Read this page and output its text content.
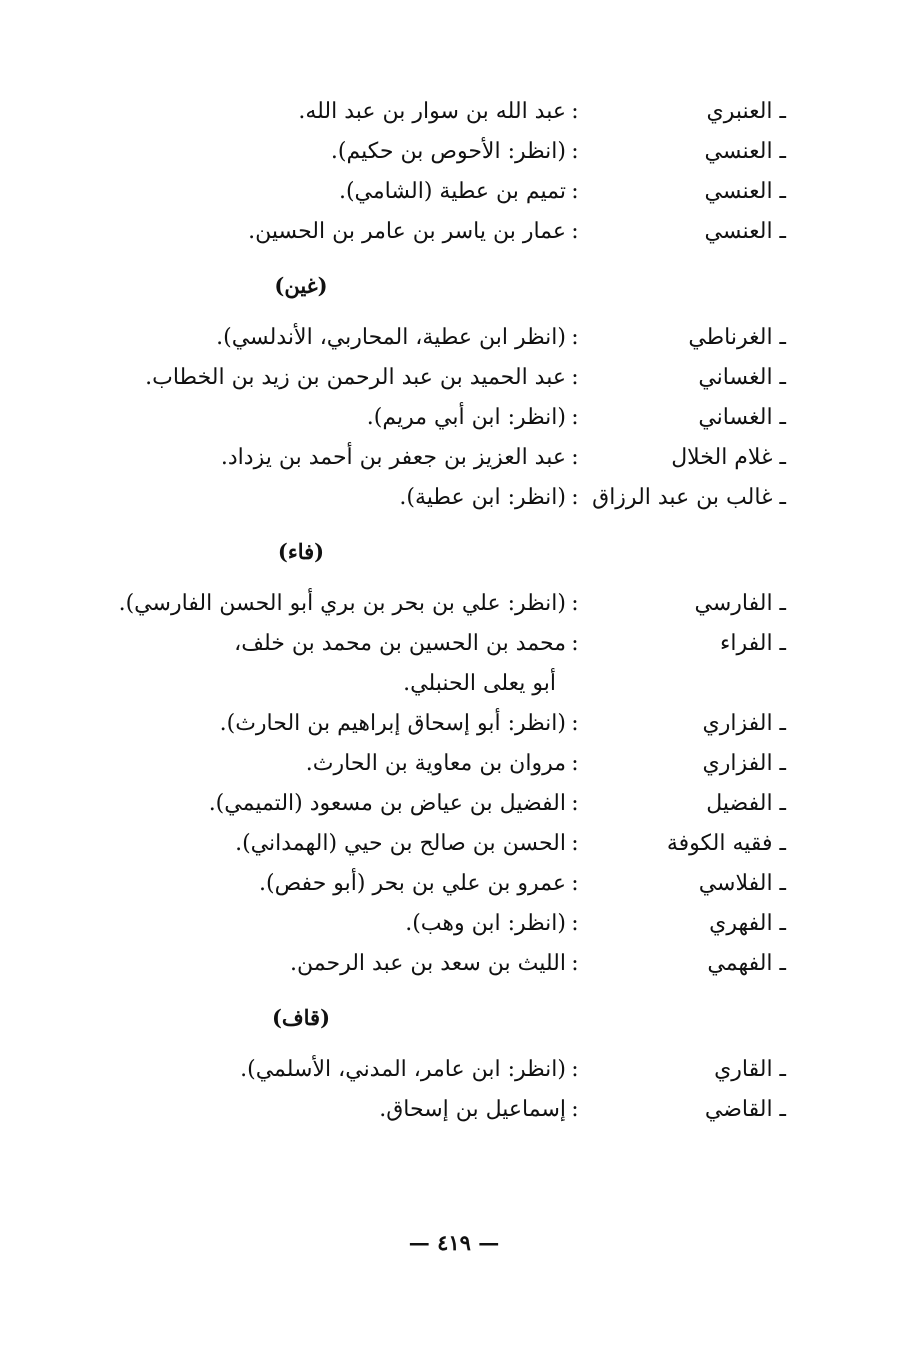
ـ العنبري
:
عبد الله بن سوار بن عبد الله.
ـ العنسي
:
(انظر: الأحوص بن حكيم).
ـ العنسي
:
تميم بن عطية (الشامي).
ـ العنسي
:
عمار بن ياسر بن عامر بن الحسين.
(غين)
ـ الغرناطي
:
(انظر ابن عطية، المحاربي، الأندلسي).
ـ الغساني
:
عبد الحميد بن عبد الرحمن بن زيد بن الخطاب.
ـ الغساني
:
(انظر: ابن أبي مريم).
ـ غلام الخلال
:
عبد العزيز بن جعفر بن أحمد بن يزداد.
ـ غالب بن عبد الرزاق
:
(انظر: ابن عطية).
(فاء)
ـ الفارسي
:
(انظر: علي بن بحر بن بري أبو الحسن الفارسي).
ـ الفراء
:
محمد بن الحسين بن محمد بن خلف،
أبو يعلى الحنبلي.
ـ الفزاري
:
(انظر: أبو إسحاق إبراهيم بن الحارث).
ـ الفزاري
:
مروان بن معاوية بن الحارث.
ـ الفضيل
:
الفضيل بن عياض بن مسعود (التميمي).
ـ فقيه الكوفة
:
الحسن بن صالح بن حيي (الهمداني).
ـ الفلاسي
:
عمرو بن علي بن بحر (أبو حفص).
ـ الفهري
:
(انظر: ابن وهب).
ـ الفهمي
:
الليث بن سعد بن عبد الرحمن.
(قاف)
ـ القاري
:
(انظر: ابن عامر، المدني، الأسلمي).
ـ القاضي
:
إسماعيل بن إسحاق.
— ٤١٩ —
